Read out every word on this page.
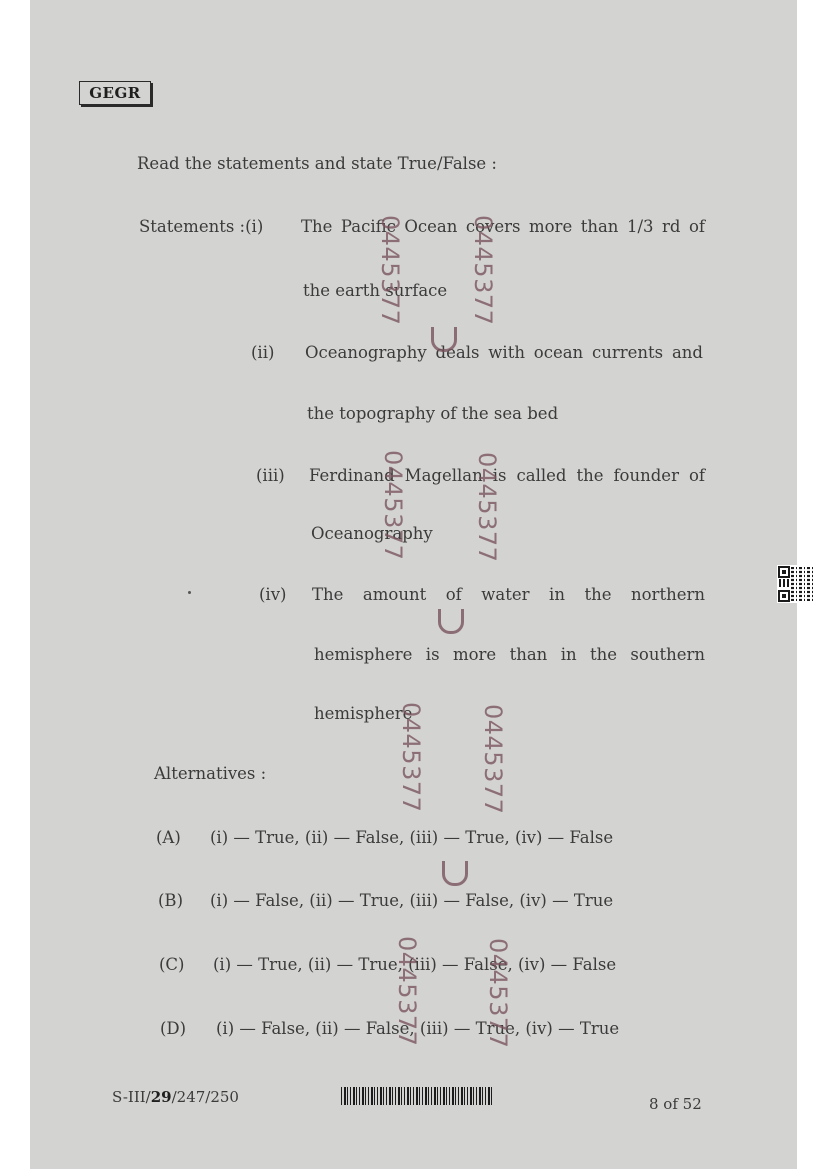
GEGR
Read the statements and state True/False :
Statements :(i) The Pacific Ocean covers more than 1/3 rd of
the earth surface
(ii) Oceanography deals with ocean currents and
the topography of the sea bed
(iii) Ferdinand Magellan is called the founder of
Oceanography
(iv) The amount of water in the northern
hemisphere is more than in the southern
hemisphere
Alternatives :
(A) (i) — True, (ii) — False, (iii) — True, (iv) — False
(B) (i) — False, (ii) — True, (iii) — False, (iv) — True
(C) (i) — True, (ii) — True, (iii) — False, (iv) — False
(D) (i) — False, (ii) — False, (iii) — True, (iv) — True
0445377	0445377
0445377	0445377
0445377 0445377
0445377	0445377
S-III/29/247/250	8 of 52
